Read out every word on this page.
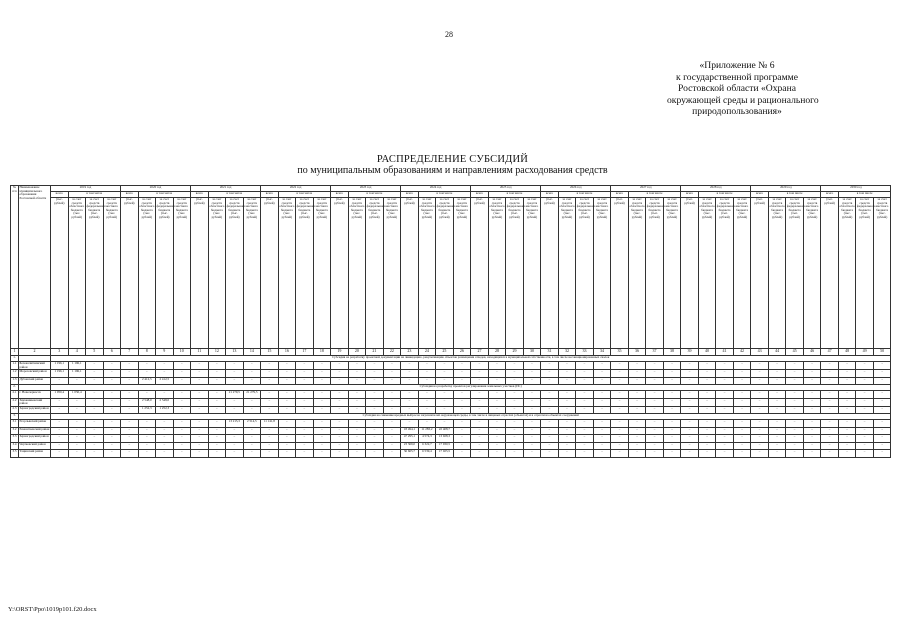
28
«Приложение № 6
к государственной программе
Ростовской области «Охрана
окружающей среды и рационального
природопользования»
РАСПРЕДЕЛЕНИЕ СУБСИДИЙ
по муниципальным образованиям и направлениям расходования средств
№ п/п	Наименование муниципального образования Ростовской области	2019 год				2020 год				2021 год				2022 год				2023 год				2024 год				2025 год				2026 год				2027 год				2028 год				2029 год				2030 год			
		всего	в том числе			всего	в том числе			всего	в том числе			всего	в том числе			всего	в том числе			всего	в том числе			всего	в том числе			всего	в том числе			всего	в том числе			всего	в том числе			всего	в том числе			всего	в том числе		
		(тыс. рублей)	за счет средств областного бюджета (тыс. рублей)	за счет средств федерального бюджета (тыс. рублей)	за счет средств местного бюджета (тыс. рублей)	(тыс. рублей)	за счет средств областного бюджета (тыс. рублей)	за счет средств федерального бюджета (тыс. рублей)	за счет средств местного бюджета (тыс. рублей)	(тыс. рублей)	за счет средств областного бюджета (тыс. рублей)	за счет средств федерального бюджета (тыс. рублей)	за счет средств местного бюджета (тыс. рублей)	(тыс. рублей)	за счет средств областного бюджета (тыс. рублей)	за счет средств федерального бюджета (тыс. рублей)	за счет средств местного бюджета (тыс. рублей)	(тыс. рублей)	за счет средств областного бюджета (тыс. рублей)	за счет средств федерального бюджета (тыс. рублей)	за счет средств местного бюджета (тыс. рублей)	(тыс. рублей)	за счет средств областного бюджета (тыс. рублей)	за счет средств федерального бюджета (тыс. рублей)	за счет средств местного бюджета (тыс. рублей)	(тыс. рублей)	за счет средств областного бюджета (тыс. рублей)	за счет средств федерального бюджета (тыс. рублей)	за счет средств местного бюджета (тыс. рублей)	(тыс. рублей)	за счет средств областного бюджета (тыс. рублей)	за счет средств федерального бюджета (тыс. рублей)	за счет средств местного бюджета (тыс. рублей)	(тыс. рублей)	за счет средств областного бюджета (тыс. рублей)	за счет средств федерального бюджета (тыс. рублей)	за счет средств местного бюджета (тыс. рублей)	(тыс. рублей)	за счет средств областного бюджета (тыс. рублей)	за счет средств федерального бюджета (тыс. рублей)	за счет средств местного бюджета (тыс. рублей)	(тыс. рублей)	за счет средств областного бюджета (тыс. рублей)	за счет средств федерального бюджета (тыс. рублей)	за счет средств местного бюджета (тыс. рублей)	(тыс. рублей)	за счет средств областного бюджета (тыс. рублей)	за счет средств федерального бюджета (тыс. рублей)	за счет средств местного бюджета (тыс. рублей)
1	2	3	4	5	6	7	8	9	10	11	12	13	14	15	16	17	18	19	20	21	22	23	24	25	26	27	28	29	30	31	32	33	34	35	36	37	38	39	40	41	42	43	44	45	46	47	48	49	50
1.		Субсидия на разработку проектной документации на ликвидацию, рекультивацию объектов размещения отходов, находящихся в муниципальной собственности, в том числе несанкционированных свалок																																															
1.1	Белокалитвинский район	1 196,1	1 196,1	–	–	–	–	–	–	–	–	–	–	–	–	–	–	–	–	–	–	–	–	–	–	–	–	–	–	–	–	–	–	–	–	–	–	–	–	–	–	–	–	–	–	–	–	–	–
1.2	Морозовский район	1 196,1	1 196,1	–	–	–	–	–	–	–	–	–	–	–	–	–	–	–	–	–	–	–	–	–	–	–	–	–	–	–	–	–	–	–	–	–	–	–	–	–	–	–	–	–	–	–	–	–	–
1.3	Дубовский район	–	–	–	–	–	2 412,5	2 412,5	–	–	–	–	–	–	–	–	–	–	–	–	–	–	–	–	–	–	–	–	–	–	–	–	–	–	–	–	–	–	–	–	–	–	–	–	–	–	–	–	–
2.		Субсидия на разработку проектов регулирования земельных участков (ПС)																																															
2.1	г. Новочеркасск	1 050,4	1 050,4	–	–	–	–	–	–	–	–	21 279,5	21 279,5	–	–	–	–	–	–	–	–	–	–	–	–	–	–	–	–	–	–	–	–	–	–	–	–	–	–	–	–	–	–	–	–	–	–	–	–
2.2	Зимовниковский район	–	–	–	–	–	2 548,0	2 548,0	–	–	–	–	–	–	–	–	–	–	–	–	–	–	–	–	–	–	–	–	–	–	–	–	–	–	–	–	–	–	–	–	–	–	–	–	–	–	–	–	–
2.3	Зерноградский район	–	–	–	–	–	1 252,3	1 252,3	–	–	–	–	–	–	–	–	–	–	–	–	–	–	–	–	–	–	–	–	–	–	–	–	–	–	–	–	–	–	–	–	–	–	–	–	–	–	–	–	–
3.		Субсидия на снижение вредных выбросов загрязнителей окружающей среды, в том числе в пищевых отраслях (объектах) и в отрасли на объектах сооружений																																															
3.1	Егорлыкский район	–	–	–	–	–	–	–	–	–	–	13 215,3	2 514,5	11 141,8	–	–	–	–	–	–	–	–	–	–	–	–	–	–	–	–	–	–	–	–	–	–	–	–	–	–	–	–	–	–	–	–	–	–	–
3.2	Ремонтненский район	–	–	–	–	–	–	–	–	–	–	–	–	–	–	–	–	–	–	–	–	18 494,1	11 283,2	22 408,7	–	–	–	–	–	–	–	–	–	–	–	–	–	–	–	–	–	–	–	–	–	–	–	–	–
3.3	Зерноградский район	–	–	–	–	–	–	–	–	–	–	–	–	–	–	–	–	–	–	–	–	47 295,1	4 574,3	13 928,3	–	–	–	–	–	–	–	–	–	–	–	–	–	–	–	–	–	–	–	–	–	–	–	–	–
3.4	Чертковский район	–	–	–	–	–	–	–	–	–	–	–	–	–	–	–	–	–	–	–	–	23 369,0	6 322,7	17 930,5	–	–	–	–	–	–	–	–	–	–	–	–	–	–	–	–	–	–	–	–	–	–	–	–	–
3.5	Тацинский район	–	–	–	–	–	–	–	–	–	–	–	–	–	–	–	–	–	–	–	–	36 665,7	6 539,4	17 025,5	–	–	–	–	–	–	–	–	–	–	–	–	–	–	–	–	–	–	–	–	–	–	–	–	–
Y:\ORST\Ppo\1019p101.f20.docx
